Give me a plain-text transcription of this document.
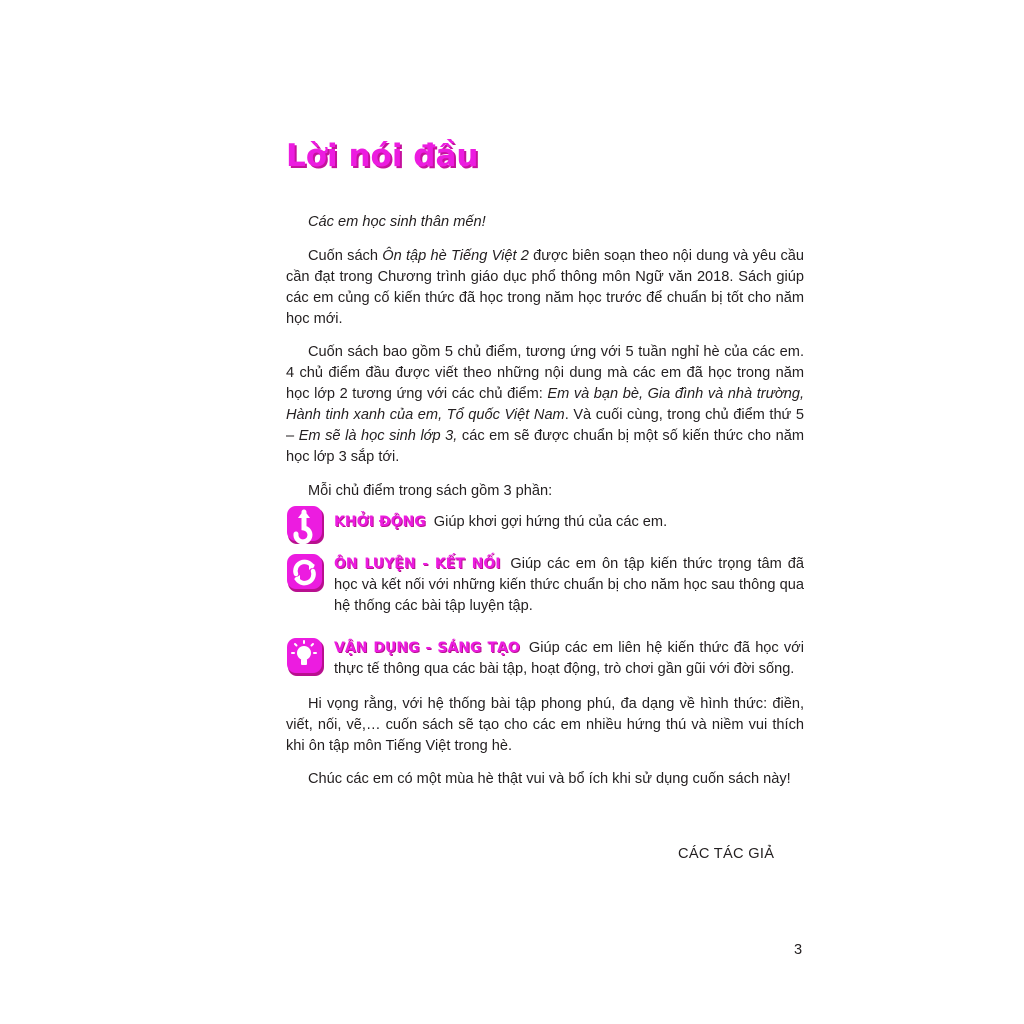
Lời nói đầu

Các em học sinh thân mến!

Cuốn sách Ôn tập hè Tiếng Việt 2 được biên soạn theo nội dung và yêu cầu cần đạt trong Chương trình giáo dục phổ thông môn Ngữ văn 2018. Sách giúp các em củng cố kiến thức đã học trong năm học trước để chuẩn bị tốt cho năm học mới.

Cuốn sách bao gồm 5 chủ điểm, tương ứng với 5 tuần nghỉ hè của các em. 4 chủ điểm đầu được viết theo những nội dung mà các em đã học trong năm học lớp 2 tương ứng với các chủ điểm: Em và bạn bè, Gia đình và nhà trường, Hành tinh xanh của em, Tổ quốc Việt Nam. Và cuối cùng, trong chủ điểm thứ 5 – Em sẽ là học sinh lớp 3, các em sẽ được chuẩn bị một số kiến thức cho năm học lớp 3 sắp tới.

Mỗi chủ điểm trong sách gồm 3 phần:

KHỞI ĐỘNG Giúp khơi gợi hứng thú của các em.
ÔN LUYỆN - KẾT NỐI Giúp các em ôn tập kiến thức trọng tâm đã học và kết nối với những kiến thức chuẩn bị cho năm học sau thông qua hệ thống các bài tập luyện tập.
VẬN DỤNG - SÁNG TẠO Giúp các em liên hệ kiến thức đã học với thực tế thông qua các bài tập, hoạt động, trò chơi gần gũi với đời sống.

Hi vọng rằng, với hệ thống bài tập phong phú, đa dạng về hình thức: điền, viết, nối, vẽ,… cuốn sách sẽ tạo cho các em nhiều hứng thú và niềm vui thích khi ôn tập môn Tiếng Việt trong hè.

Chúc các em có một mùa hè thật vui và bổ ích khi sử dụng cuốn sách này!

CÁC TÁC GIẢ
3
